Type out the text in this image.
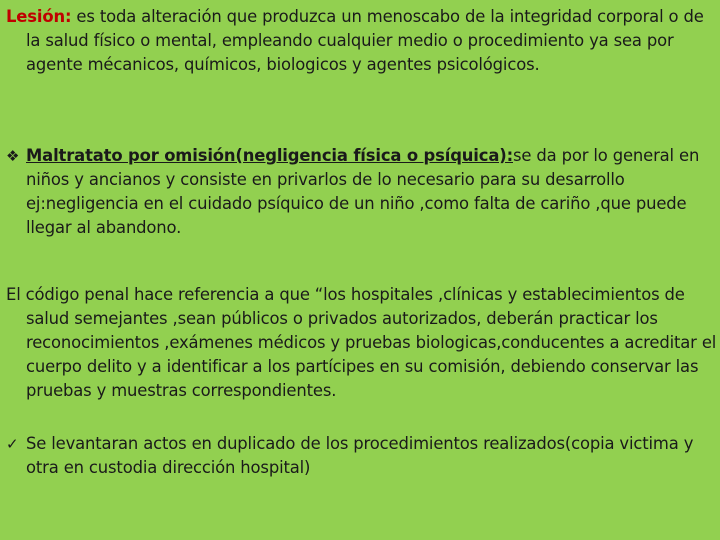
Lesión: es toda alteración que produzca un menoscabo de la integridad corporal o de la salud físico o mental, empleando cualquier medio o procedimiento ya sea por agente mécanicos, químicos, biologicos y agentes psicológicos.
❖ Maltratato por omisión(negligencia física o psíquica):se da por lo general en niños y ancianos y consiste en privarlos de lo necesario para su desarrollo ej:negligencia en el cuidado psíquico de un niño ,como falta de cariño ,que puede llegar al abandono.
El código penal hace referencia a que “los hospitales ,clínicas y establecimientos de salud semejantes ,sean públicos o privados autorizados, deberán practicar los reconocimientos ,exámenes médicos y pruebas biologicas,conducentes a acreditar el cuerpo delito y a identificar a los partícipes en su comisión, debiendo conservar las pruebas y muestras correspondientes.
✓ Se levantaran actos en duplicado de los procedimientos realizados(copia victima y otra en custodia dirección hospital)
